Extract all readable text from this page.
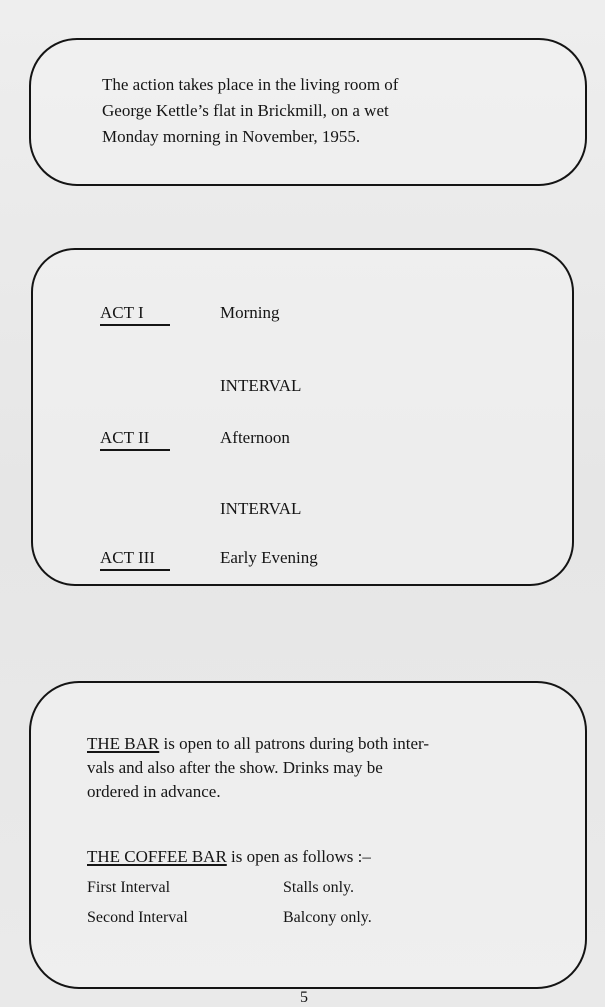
The action takes place in the living room of
George Kettle’s flat in Brickmill, on a wet
Monday morning in November, 1955.
ACT I	Morning
INTERVAL
ACT II	Afternoon
INTERVAL
ACT III	Early Evening
THE BAR is open to all patrons during both inter-
vals and also after the show. Drinks may be
ordered in advance.
THE COFFEE BAR is open as follows :–
First Interval	Stalls only.
Second Interval	Balcony only.
5
